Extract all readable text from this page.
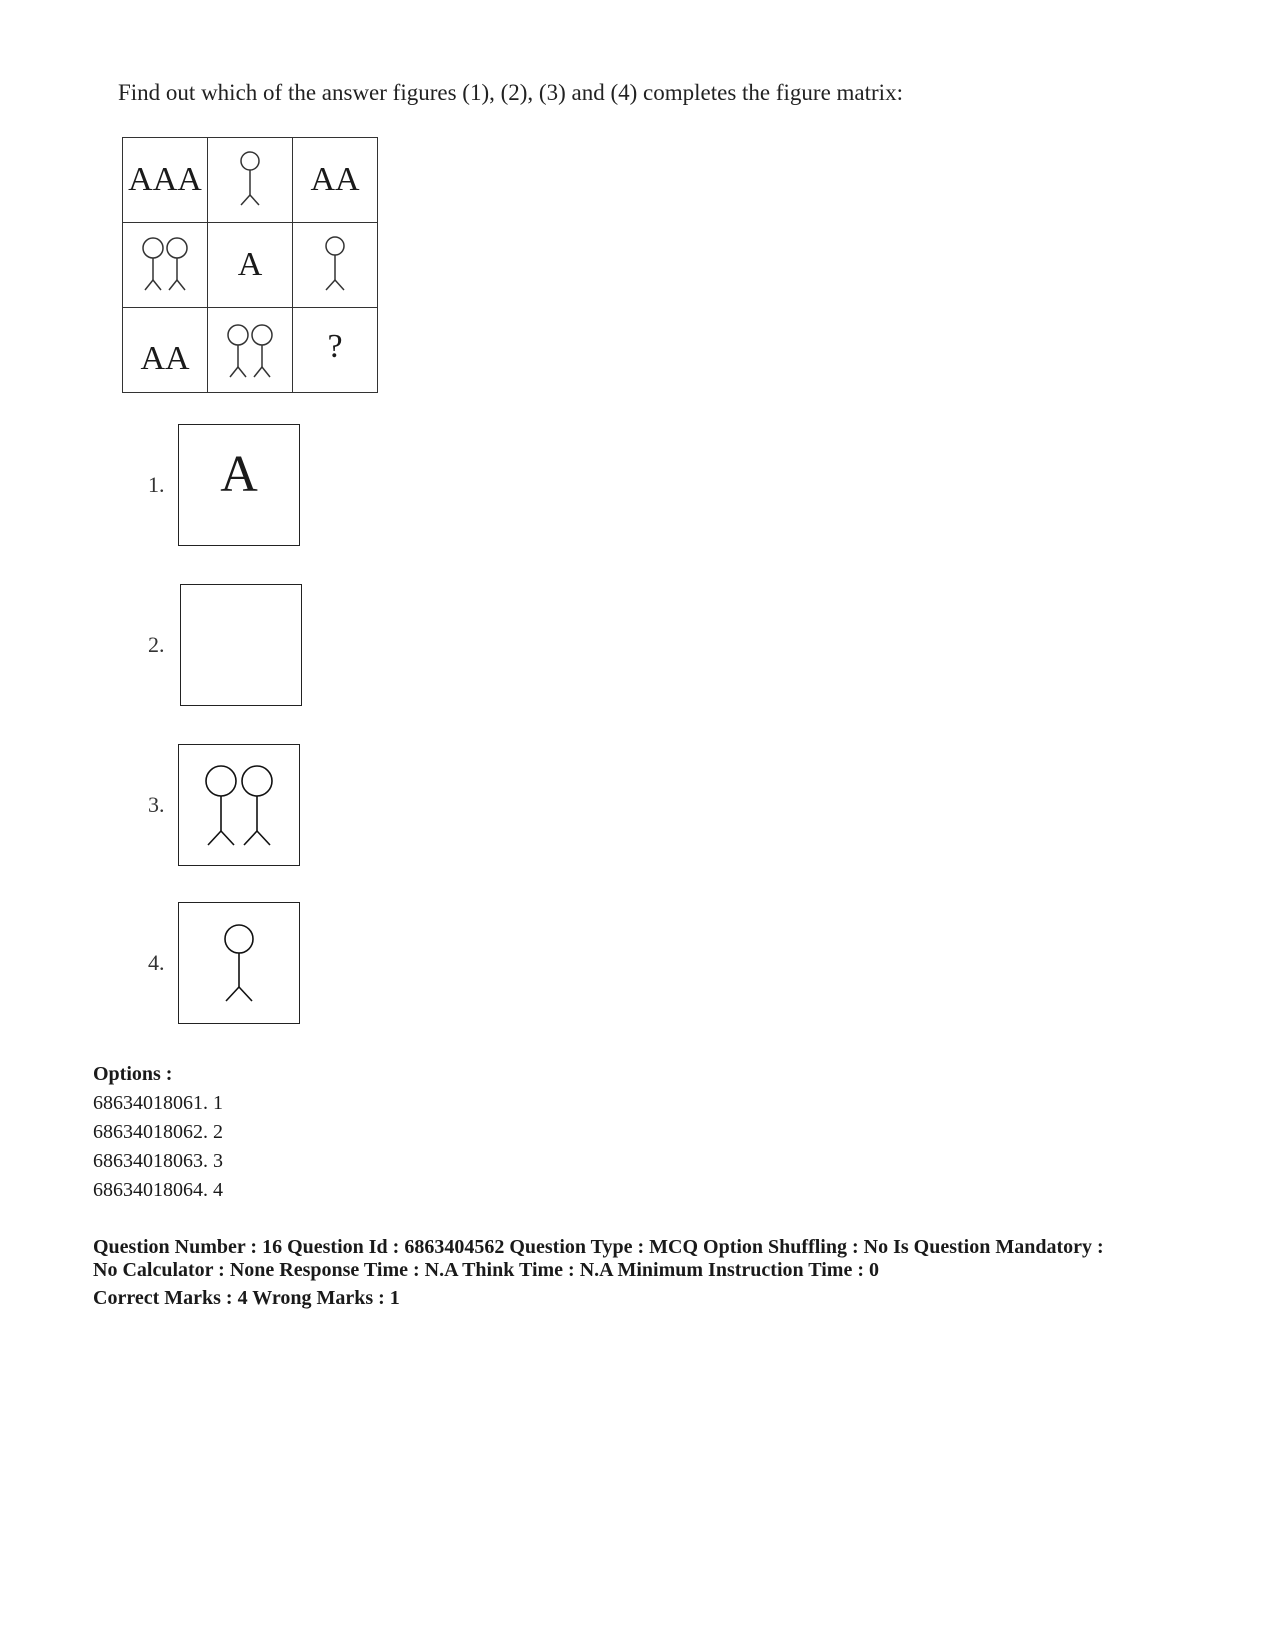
Find out which of the answer figures (1), (2), (3) and (4) completes the figure matrix:
AAA		AA

	A	

AA		?
1.	A
2.
3.
4.
Options :
68634018061. 1
68634018062. 2
68634018063. 3
68634018064. 4
Question Number : 16 Question Id : 6863404562 Question Type : MCQ Option Shuffling : No Is Question Mandatory :
No Calculator : None Response Time : N.A Think Time : N.A Minimum Instruction Time : 0
Correct Marks : 4 Wrong Marks : 1
